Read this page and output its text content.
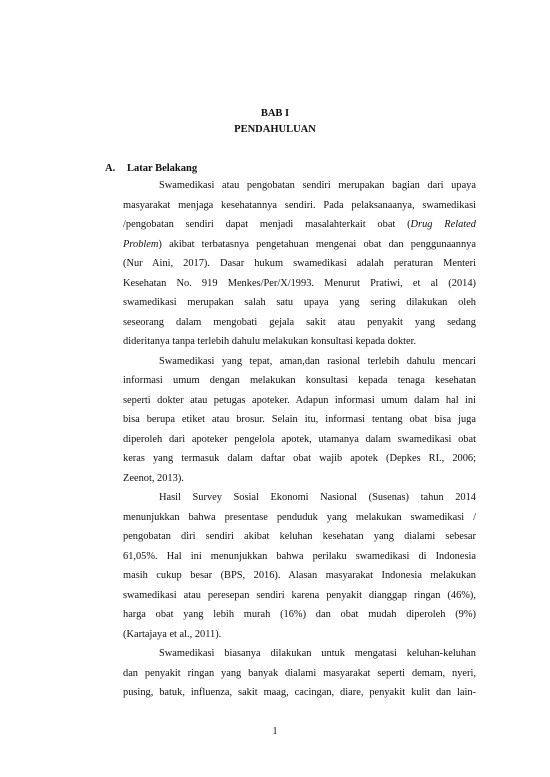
BAB I
PENDAHULUAN
A. Latar Belakang
Swamedikasi atau pengobatan sendiri merupakan bagian dari upaya
masyarakat menjaga kesehatannya sendiri. Pada pelaksanaanya, swamedikasi
/pengobatan sendiri dapat menjadi masalahterkait obat (Drug Related
Problem) akibat terbatasnya pengetahuan mengenai obat dan penggunaannya
(Nur Aini, 2017). Dasar hukum swamedikasi adalah peraturan Menteri
Kesehatan No. 919 Menkes/Per/X/1993. Menurut Pratiwi, et al (2014)
swamedikasi merupakan salah satu upaya yang sering dilakukan oleh
seseorang dalam mengobati gejala sakit atau penyakit yang sedang
dideritanya tanpa terlebih dahulu melakukan konsultasi kepada dokter.
Swamedikasi yang tepat, aman,dan rasional terlebih dahulu mencari
informasi umum dengan melakukan konsultasi kepada tenaga kesehatan
seperti dokter atau petugas apoteker. Adapun informasi umum dalam hal ini
bisa berupa etiket atau brosur. Selain itu, informasi tentang obat bisa juga
diperoleh dari apoteker pengelola apotek, utamanya dalam swamedikasi obat
keras yang termasuk dalam daftar obat wajib apotek (Depkes RI., 2006;
Zeenot, 2013).
Hasil Survey Sosial Ekonomi Nasional (Susenas) tahun 2014
menunjukkan bahwa presentase penduduk yang melakukan swamedikasi /
pengobatan diri sendiri akibat keluhan kesehatan yang dialami sebesar
61,05%. Hal ini menunjukkan bahwa perilaku swamedikasi di Indonesia
masih cukup besar (BPS, 2016). Alasan masyarakat Indonesia melakukan
swamedikasi atau peresepan sendiri karena penyakit dianggap ringan (46%),
harga obat yang lebih murah (16%) dan obat mudah diperoleh (9%)
(Kartajaya et al., 2011).
Swamedikasi biasanya dilakukan untuk mengatasi keluhan-keluhan
dan penyakit ringan yang banyak dialami masyarakat seperti demam, nyeri,
pusing, batuk, influenza, sakit maag, cacingan, diare, penyakit kulit dan lain-
1
